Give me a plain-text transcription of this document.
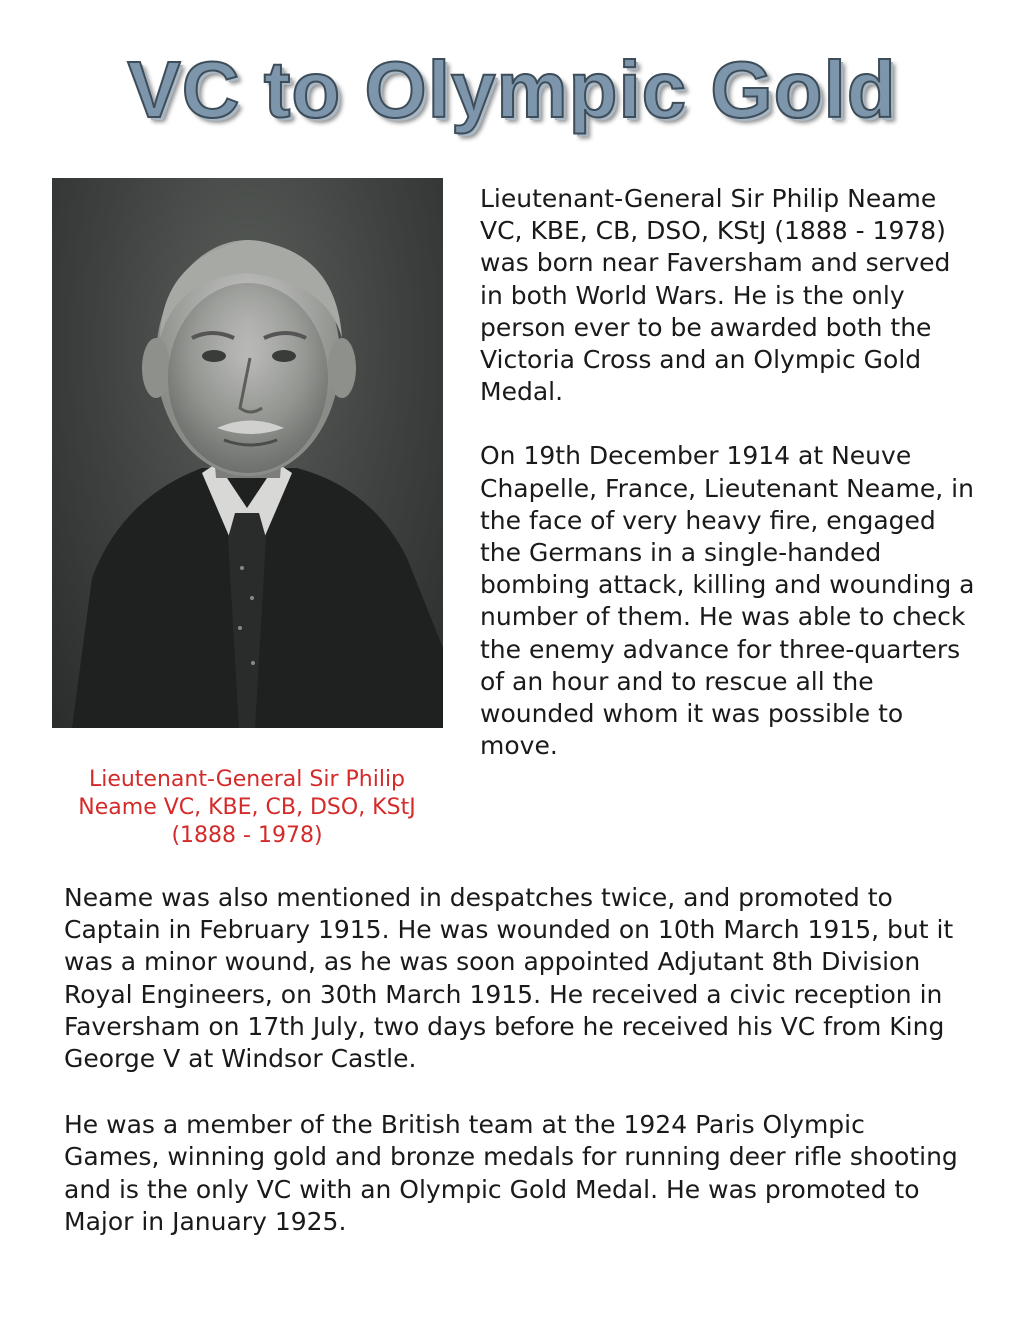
VC to Olympic Gold
Lieutenant-General Sir Philip Neame VC, KBE, CB, DSO, KStJ (1888 - 1978)

Lieutenant-General Sir Philip Neame VC, KBE, CB, DSO, KStJ (1888 - 1978) was born near Faversham and served in both World Wars. He is the only person ever to be awarded both the Victoria Cross and an Olympic Gold Medal.

On 19th December 1914 at Neuve Chapelle, France, Lieutenant Neame, in the face of very heavy fire, engaged the Germans in a single-handed bombing attack, killing and wounding a number of them. He was able to check the enemy advance for three-quarters of an hour and to rescue all the wounded whom it was possible to move.

Neame was also mentioned in despatches twice, and promoted to Captain in February 1915. He was wounded on 10th March 1915, but it was a minor wound, as he was soon appointed Adjutant 8th Division Royal Engineers, on 30th March 1915. He received a civic reception in Faversham on 17th July, two days before he received his VC from King George V at Windsor Castle.

He was a member of the British team at the 1924 Paris Olympic Games, winning gold and bronze medals for running deer rifle shooting and is the only VC with an Olympic Gold Medal. He was promoted to Major in January 1925.
